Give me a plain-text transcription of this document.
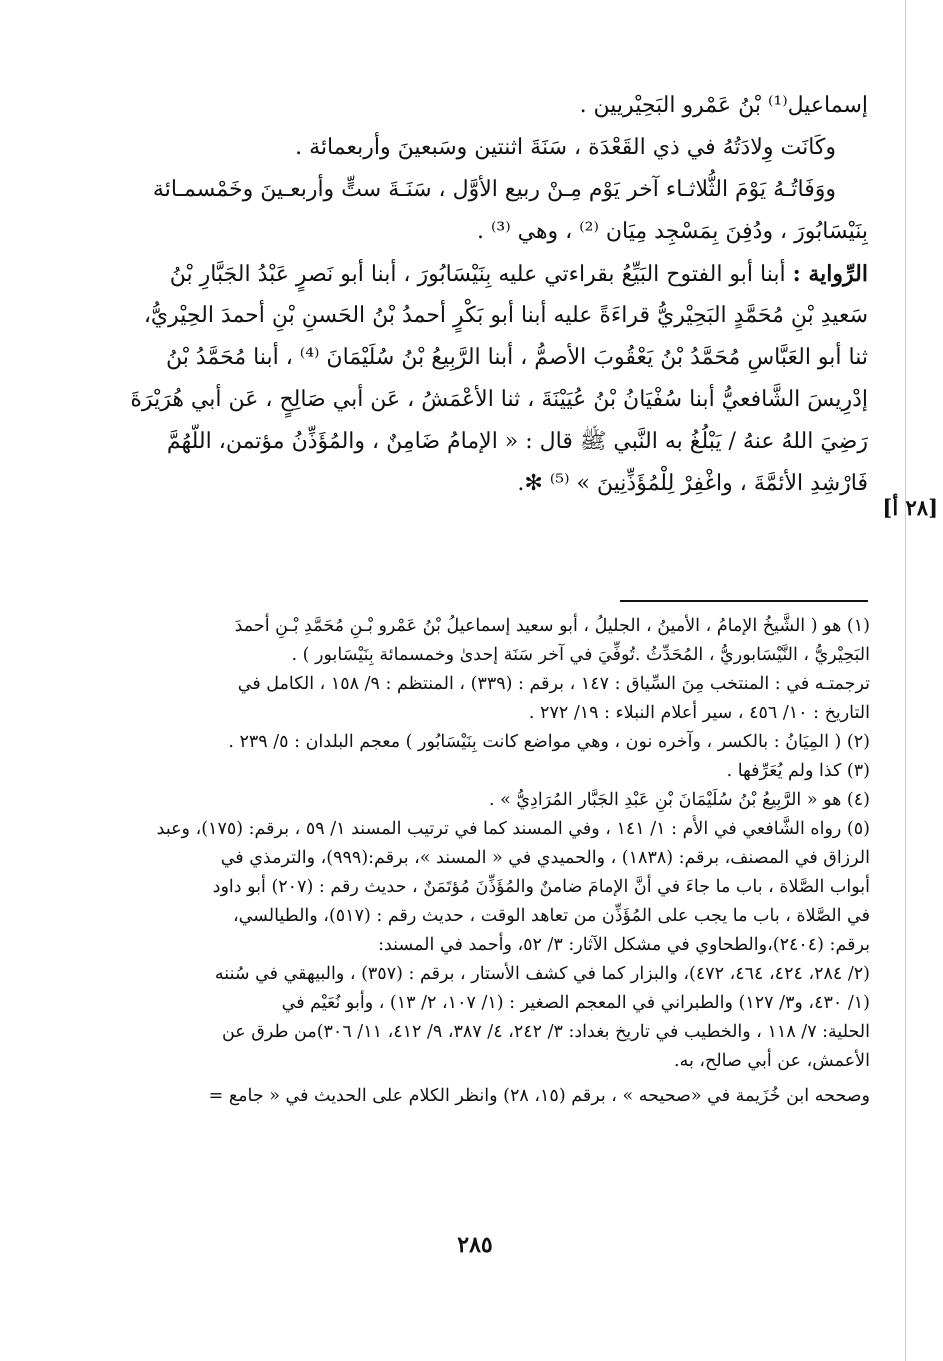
إسماعيل⁽¹⁾ بْنُ عَمْرو البَحِيْريين .
وكَانَت وِلادَتُهُ في ذي القَعْدَة ، سَنَةَ اثنتين وسَبعينَ وأربعمائة .
ووَفَاتُـهُ يَوْمَ الثُّلاثـاء آخر يَوْم مِـنْ ربيع الأوَّل ، سَنَـةَ ستٍّ وأربعـينَ وخَمْسمـائة
بِنَيْسَابُورَ ، ودُفِنَ بِمَسْجِد مِيَان ⁽²⁾ ، وهي ⁽³⁾ .
الرِّواية : أبنا أبو الفتوح البَيِّعُ بقراءتي عليه بِنَيْسَابُورَ ، أبنا أبو نَصرٍ عَبْدُ الجَبَّارِ بْنُ
سَعيدِ بْنِ مُحَمَّدٍ البَحِيْريُّ قراءَةً عليه أبنا أبو بَكْرٍ أحمدُ بْنُ الحَسنِ بْنِ أحمدَ الحِيْريُّ،
ثنا أبو العَبَّاسِ مُحَمَّدُ بْنُ يَعْقُوبَ الأصمُّ ، أبنا الرَّبِيعُ بْنُ سُلَيْمَانَ ⁽⁴⁾ ، أبنا مُحَمَّدُ بْنُ
إدْرِيسَ الشَّافعيُّ أبنا سُفْيَانُ بْنُ عُيَيْنَةَ ، ثنا الأعْمَشُ ، عَن أبي صَالِحٍ ، عَن أبي هُرَيْرَةَ
رَضِيَ اللهُ عنهُ / يَبْلُغُ به النَّبي ﷺ قال : « الإمامُ ضَامِنٌ ، والمُؤَذِّنُ مؤتمن، اللّهُمَّ
فَارْشِدِ الأئمَّةَ ، واغْفِرْ لِلْمُؤَذِّنِينَ » ⁽⁵⁾ ✻.
[٢٨ أ]
(١) هو ( الشَّيخُ الإمامُ ، الأمينُ ، الجليلُ ، أبو سعيد إسماعيلُ بْنُ عَمْرو بْـنِ مُحَمَّدِ بْـنِ أحمدَ
البَحِيْريُّ ، النَّيْسَابوريُّ ، المُحَدِّثُ .تُوفِّيَ في آخر سَنَة إحدىٰ وخمسمائة بِنَيْسَابور ) .
ترجمتـه في : المنتخب مِنَ السِّياق : ١٤٧ ، برقم : (٣٣٩) ، المنتظم : ٩/ ١٥٨ ، الكامل في
التاريخ : ١٠/ ٤٥٦ ، سير أعلام النبلاء : ١٩/ ٢٧٢ .
(٢) ( المِيَانُ : بالكسر ، وآخره نون ، وهي مواضع كانت بِنَيْسَابُور ) معجم البلدان : ٥/ ٢٣٩ .
(٣) كذا ولم يُعَرِّفها .
(٤) هو « الرَّبِيعُ بْنُ سُلَيْمَانَ بْنِ عَبْدِ الجَبَّار المُرَادِيُّ » .
(٥) رواه الشَّافعي في الأُم : ١/ ١٤١ ، وفي المسند كما في ترتيب المسند ١/ ٥٩ ، برقم: (١٧٥)، وعبد
الرزاق في المصنف، برقم: (١٨٣٨) ، والحميدي في « المسند »، برقم:(٩٩٩)، والترمذي في
أبواب الصَّلاة ، باب ما جاءَ في أنَّ الإمامَ ضامنٌ والمُؤَذِّنَ مُؤتَمَنٌ ، حديث رقم : (٢٠٧) أبو داود
في الصَّلاة ، باب ما يجب على المُؤَذِّن من تعاهد الوقت ، حديث رقم : (٥١٧)، والطيالسي،
برقم: (٢٤٠٤)،والطحاوي في مشكل الآثار: ٣/ ٥٢، وأحمد في المسند:
(٢/ ٢٨٤، ٤٢٤، ٤٦٤، ٤٧٢)، والبزار كما في كشف الأستار ، برقم : (٣٥٧) ، والبيهقي في سُننه
(١/ ٤٣٠، و٣/ ١٢٧) والطبراني في المعجم الصغير : (١/ ١٠٧، ٢/ ١٣) ، وأبو نُعَيْم في
الحلية: ٧/ ١١٨ ، والخطيب في تاريخ بغداد: ٣/ ٢٤٢، ٤/ ٣٨٧، ٩/ ٤١٢، ١١/ ٣٠٦)من طرق عن
الأعمش، عن أبي صالح، به.
وصححه ابن خُزَيمة في «صحيحه » ، برقم (١٥، ٢٨) وانظر الكلام على الحديث في « جامع =
٢٨٥
